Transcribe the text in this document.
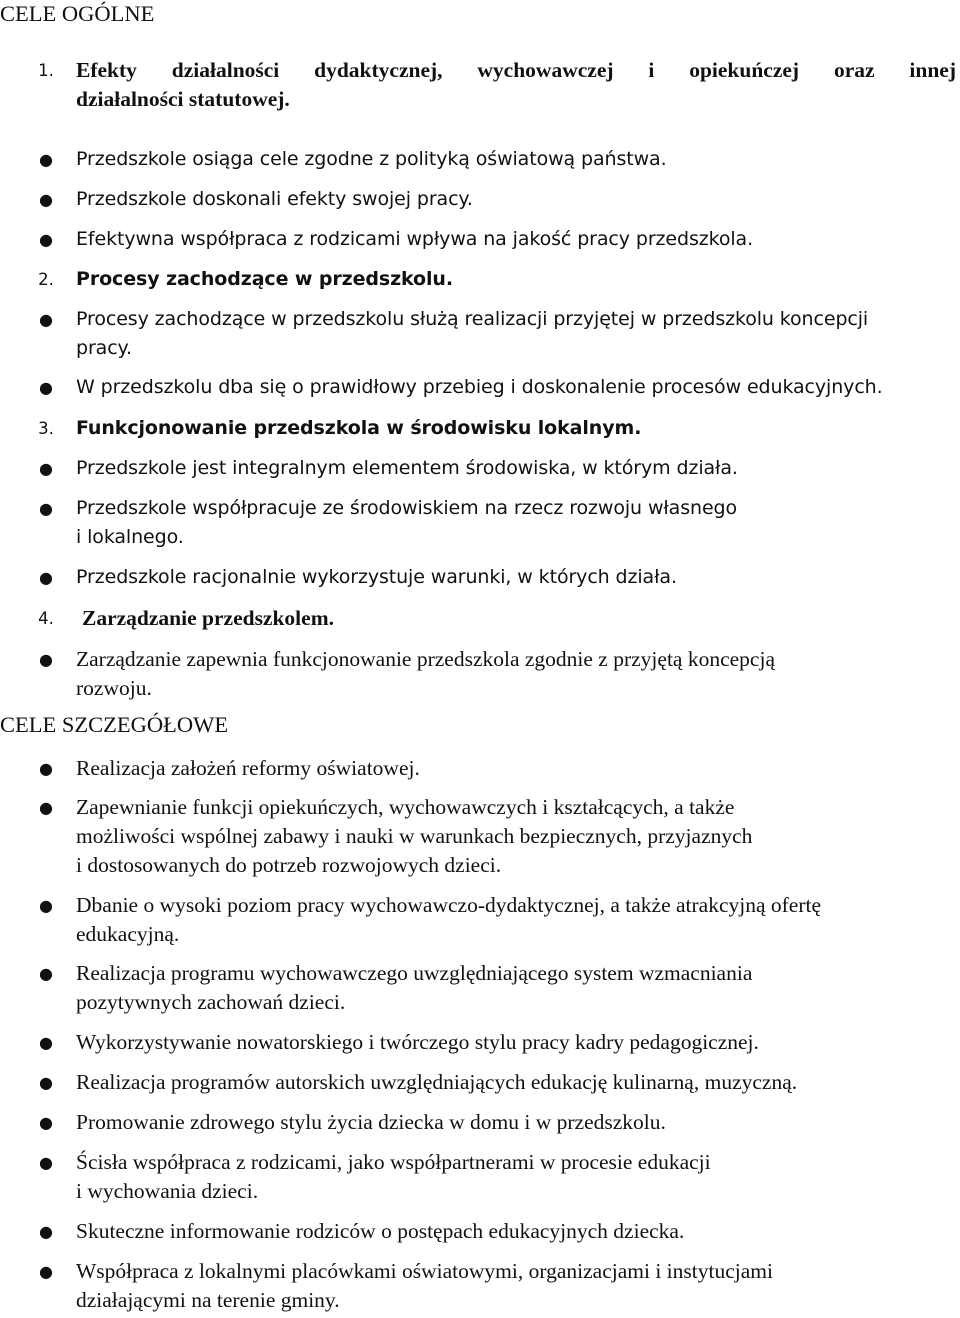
CELE OGÓLNE
1. Efekty działalności dydaktycznej, wychowawczej i opiekuńczej oraz innej
działalności statutowej.
● Przedszkole osiąga cele zgodne z polityką oświatową państwa.
● Przedszkole doskonali efekty swojej pracy.
● Efektywna współpraca z rodzicami wpływa na jakość pracy przedszkola.
2. Procesy zachodzące w przedszkolu.
● Procesy zachodzące w przedszkolu służą realizacji przyjętej w przedszkolu koncepcji
pracy.
● W przedszkolu dba się o prawidłowy przebieg i doskonalenie procesów edukacyjnych.
3. Funkcjonowanie przedszkola w środowisku lokalnym.
● Przedszkole jest integralnym elementem środowiska, w którym działa.
● Przedszkole współpracuje ze środowiskiem na rzecz rozwoju własnego
i lokalnego.
● Przedszkole racjonalnie wykorzystuje warunki, w których działa.
4. Zarządzanie przedszkolem.
● Zarządzanie zapewnia funkcjonowanie przedszkola zgodnie z przyjętą koncepcją
rozwoju.
CELE SZCZEGÓŁOWE
● Realizacja założeń reformy oświatowej.
● Zapewnianie funkcji opiekuńczych, wychowawczych i kształcących, a także
możliwości wspólnej zabawy i nauki w warunkach bezpiecznych, przyjaznych
i dostosowanych do potrzeb rozwojowych dzieci.
● Dbanie o wysoki poziom pracy wychowawczo-dydaktycznej, a także atrakcyjną ofertę
edukacyjną.
● Realizacja programu wychowawczego uwzględniającego system wzmacniania
pozytywnych zachowań dzieci.
● Wykorzystywanie nowatorskiego i twórczego stylu pracy kadry pedagogicznej.
● Realizacja programów autorskich uwzględniających edukację kulinarną, muzyczną.
● Promowanie zdrowego stylu życia dziecka w domu i w przedszkolu.
● Ścisła współpraca z rodzicami, jako współpartnerami w procesie edukacji
i wychowania dzieci.
● Skuteczne informowanie rodziców o postępach edukacyjnych dziecka.
● Współpraca z lokalnymi placówkami oświatowymi, organizacjami i instytucjami
działającymi na terenie gminy.
